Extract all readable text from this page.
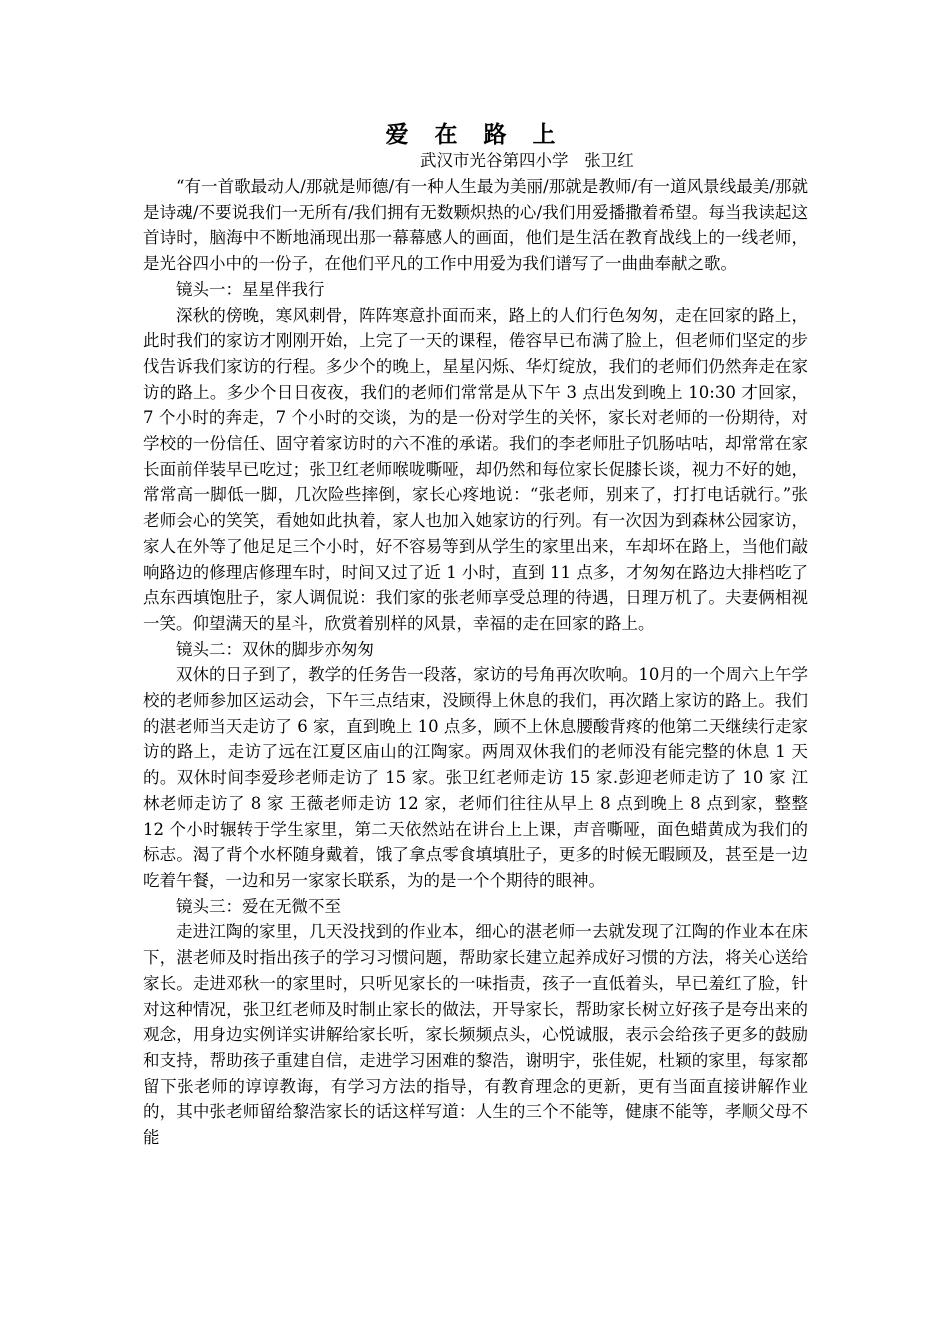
爱 在 路 上
武汉市光谷第四小学   张卫红

“有一首歌最动人/那就是师德/有一种人生最为美丽/那就是教师/有一道风景线最美/那就是诗魂/不要说我们一无所有/我们拥有无数颗炽热的心/我们用爱播撒着希望。每当我读起这首诗时，脑海中不断地涌现出那一幕幕感人的画面，他们是生活在教育战线上的一线老师，是光谷四小中的一份子，在他们平凡的工作中用爱为我们谱写了一曲曲奉献之歌。

镜头一：星星伴我行

深秋的傍晚，寒风刺骨，阵阵寒意扑面而来，路上的人们行色匆匆，走在回家的路上，此时我们的家访才刚刚开始，上完了一天的课程，倦容早已布满了脸上，但老师们坚定的步伐告诉我们家访的行程。多少个的晚上，星星闪烁、华灯绽放，我们的老师们仍然奔走在家访的路上。多少个日日夜夜，我们的老师们常常是从下午 3 点出发到晚上 10:30 才回家，7 个小时的奔走，7 个小时的交谈，为的是一份对学生的关怀，家长对老师的一份期待，对学校的一份信任、固守着家访时的六不准的承诺。我们的李老师肚子饥肠咕咕，却常常在家长面前佯装早已吃过；张卫红老师喉咙嘶哑，却仍然和每位家长促膝长谈，视力不好的她，常常高一脚低一脚，几次险些摔倒，家长心疼地说：“张老师，别来了，打打电话就行。”张老师会心的笑笑，看她如此执着，家人也加入她家访的行列。有一次因为到森林公园家访，家人在外等了他足足三个小时，好不容易等到从学生的家里出来，车却坏在路上，当他们敲响路边的修理店修理车时，时间又过了近 1 小时，直到 11 点多，才匆匆在路边大排档吃了点东西填饱肚子，家人调侃说：我们家的张老师享受总理的待遇，日理万机了。夫妻俩相视一笑。仰望满天的星斗，欣赏着别样的风景，幸福的走在回家的路上。

镜头二：双休的脚步亦匆匆

双休的日子到了，教学的任务告一段落，家访的号角再次吹响。10月的一个周六上午学校的老师参加区运动会，下午三点结束，没顾得上休息的我们，再次踏上家访的路上。我们的湛老师当天走访了 6 家，直到晚上 10 点多，顾不上休息腰酸背疼的他第二天继续行走家访的路上，走访了远在江夏区庙山的江陶家。两周双休我们的老师没有能完整的休息 1 天的。双休时间李爱珍老师走访了 15 家。张卫红老师走访 15 家.彭迎老师走访了 10 家 江林老师走访了 8 家 王薇老师走访 12 家，老师们往往从早上 8 点到晚上 8 点到家，整整 12 个小时辗转于学生家里，第二天依然站在讲台上上课，声音嘶哑，面色蜡黄成为我们的标志。渴了背个水杯随身戴着，饿了拿点零食填填肚子，更多的时候无暇顾及，甚至是一边吃着午餐，一边和另一家家长联系，为的是一个个期待的眼神。

镜头三：爱在无微不至

走进江陶的家里，几天没找到的作业本，细心的湛老师一去就发现了江陶的作业本在床下，湛老师及时指出孩子的学习习惯问题，帮助家长建立起养成好习惯的方法，将关心送给家长。走进邓秋一的家里时，只听见家长的一味指责，孩子一直低着头，早已羞红了脸，针对这种情况，张卫红老师及时制止家长的做法，开导家长，帮助家长树立好孩子是夸出来的观念，用身边实例详实讲解给家长听，家长频频点头，心悦诚服，表示会给孩子更多的鼓励和支持，帮助孩子重建自信，走进学习困难的黎浩，谢明宇，张佳妮，杜颖的家里，每家都留下张老师的谆谆教诲，有学习方法的指导，有教育理念的更新，更有当面直接讲解作业的，其中张老师留给黎浩家长的话这样写道：人生的三个不能等，健康不能等，孝顺父母不能
